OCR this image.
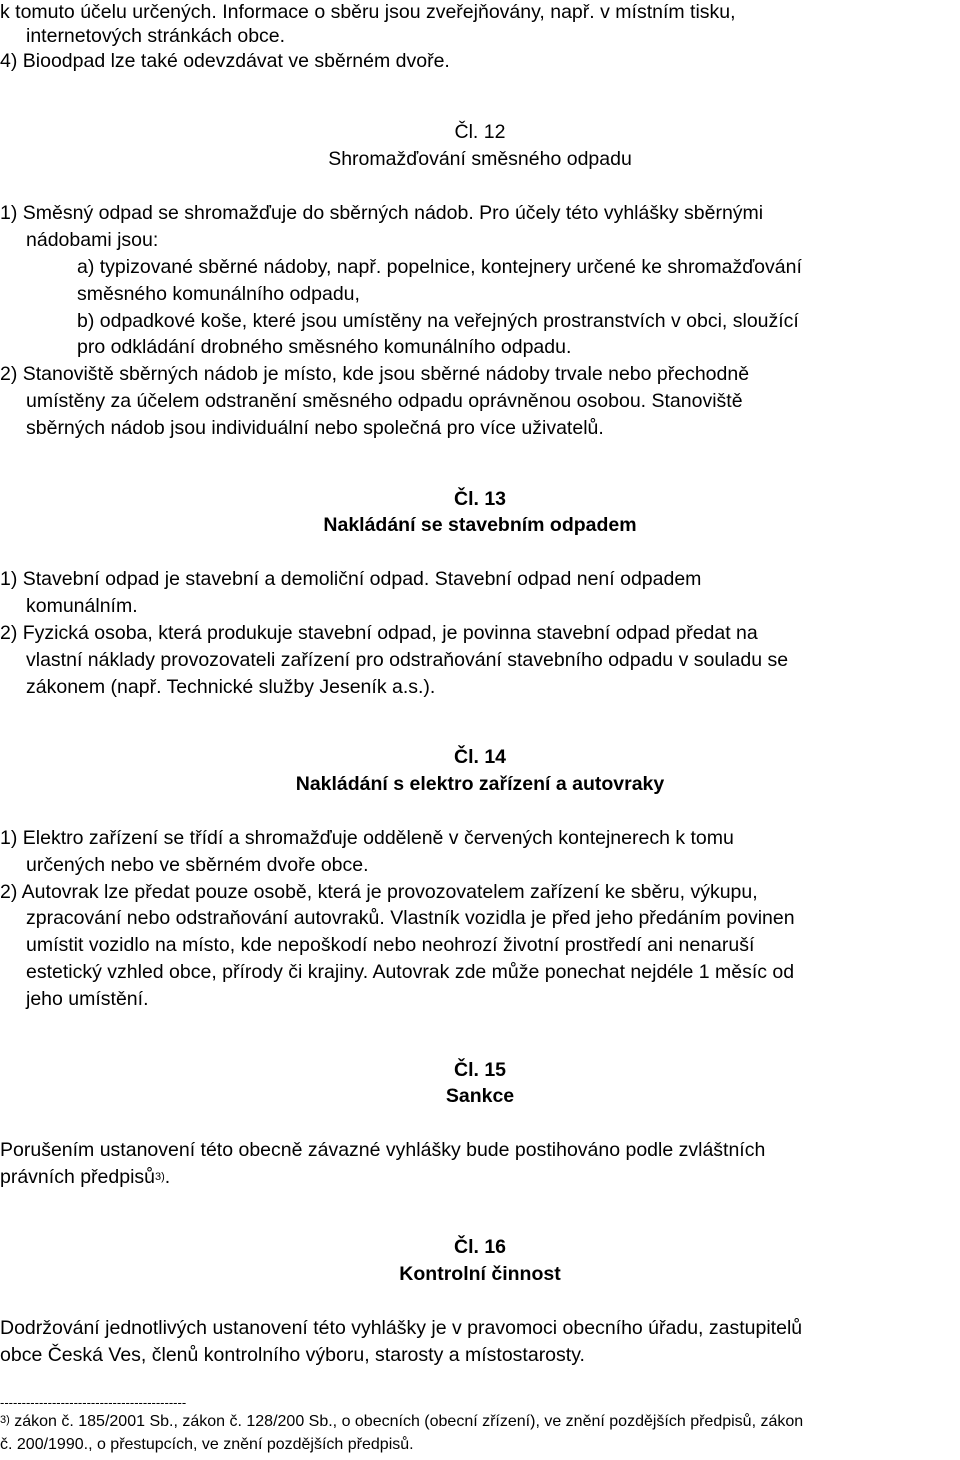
k tomuto účelu určených. Informace o sběru jsou zveřejňovány, např. v místním tisku,

internetových stránkách obce.

4) Bioodpad lze také odevzdávat ve sběrném dvoře.

Čl. 12

Shromažďování směsného odpadu

1) Směsný odpad se shromažďuje do sběrných nádob. Pro účely této vyhlášky sběrnými

nádobami jsou:

a) typizované sběrné nádoby, např. popelnice, kontejnery určené ke shromažďování

směsného komunálního odpadu,

b) odpadkové koše, které jsou umístěny na veřejných prostranstvích v obci, sloužící

pro odkládání drobného směsného komunálního odpadu.

2) Stanoviště sběrných nádob je místo, kde jsou sběrné nádoby trvale nebo přechodně

umístěny za účelem odstranění směsného odpadu oprávněnou osobou. Stanoviště

sběrných nádob jsou individuální nebo společná pro více uživatelů.

Čl. 13

Nakládání se stavebním odpadem

1) Stavební odpad je stavební a demoliční odpad. Stavební odpad není odpadem

komunálním.

2) Fyzická osoba, která produkuje stavební odpad, je povinna stavební odpad předat na

vlastní náklady provozovateli zařízení pro odstraňování stavebního odpadu v souladu se

zákonem (např. Technické služby Jeseník a.s.).

Čl. 14

Nakládání s elektro zařízení a autovraky

1) Elektro zařízení se třídí a shromažďuje odděleně v červených kontejnerech k tomu

určených nebo ve sběrném dvoře obce.

2) Autovrak lze předat pouze osobě, která je provozovatelem zařízení ke sběru, výkupu,

zpracování nebo odstraňování autovraků. Vlastník vozidla je před jeho předáním povinen

umístit vozidlo na místo, kde nepoškodí nebo neohrozí životní prostředí ani nenaruší

estetický vzhled obce, přírody či krajiny. Autovrak zde může ponechat nejdéle 1 měsíc od

jeho umístění.

Čl. 15

Sankce

Porušením ustanovení této obecně závazné vyhlášky bude postihováno podle zvláštních

právních předpisů$^{3)}$.

Čl. 16

Kontrolní činnost

Dodržování jednotlivých ustanovení této vyhlášky je v pravomoci obecního úřadu, zastupitelů

obce Česká Ves, členů kontrolního výboru, starosty a místostarosty.

-------------------------------------------

$^{3)}$ zákon č. 185/2001 Sb., zákon č. 128/200 Sb., o obecních (obecní zřízení), ve znění pozdějších předpisů, zákon

č. 200/1990., o přestupcích, ve znění pozdějších předpisů.
